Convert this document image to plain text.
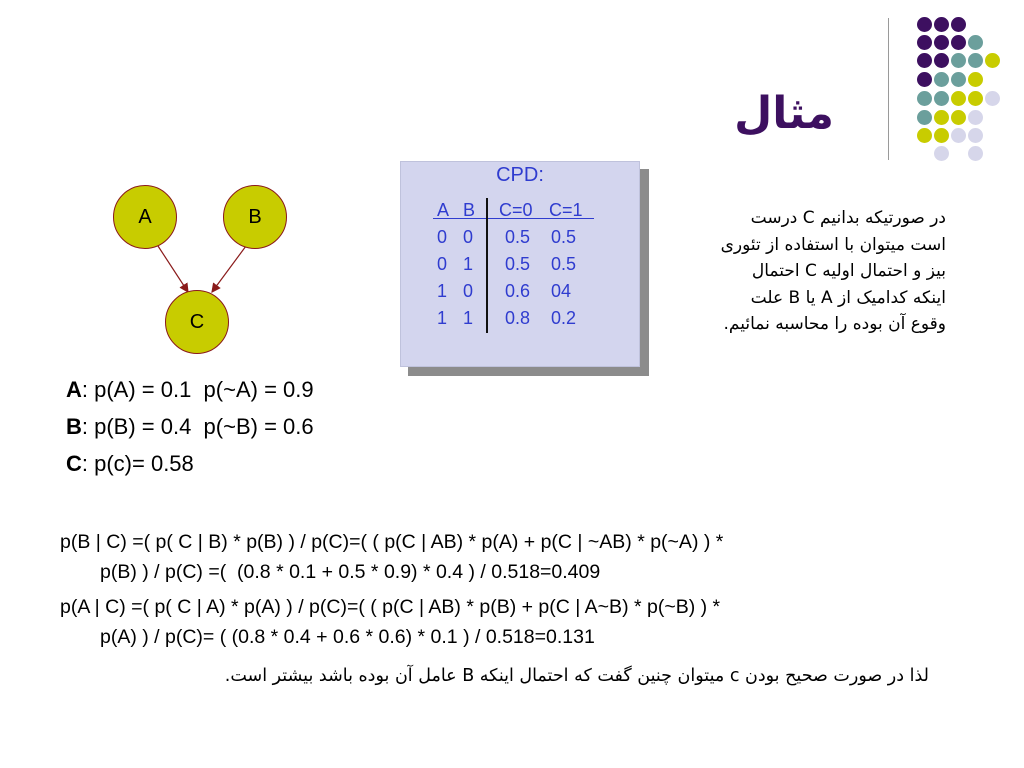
مثال
A	B
C
CPD:
A B C=0 C=1
0 0 0.5 0.5
0 1 0.5 0.5
1 0 0.6 04
1 1 0.8 0.2
در صورتیکه بدانیم C درست
است میتوان با استفاده از تئوری
بیز و احتمال اولیه C احتمال
اینکه کدامیک از A یا B علت
وقوع آن بوده را محاسبه نمائیم.
A: p(A) = 0.1  p(~A) = 0.9
B: p(B) = 0.4  p(~B) = 0.6
C: p(c)= 0.58
p(B | C) =( p( C | B) * p(B) ) / p(C)=( ( p(C | AB) * p(A) + p(C | ~AB) * p(~A) ) *
p(B) ) / p(C) =(  (0.8 * 0.1 + 0.5 * 0.9) * 0.4 ) / 0.518=0.409
p(A | C) =( p( C | A) * p(A) ) / p(C)=( ( p(C | AB) * p(B) + p(C | A~B) * p(~B) ) *
p(A) ) / p(C)= ( (0.8 * 0.4 + 0.6 * 0.6) * 0.1 ) / 0.518=0.131
لذا در صورت صحیح بودن c میتوان چنین گفت که احتمال اینکه B عامل آن بوده باشد بیشتر است.
